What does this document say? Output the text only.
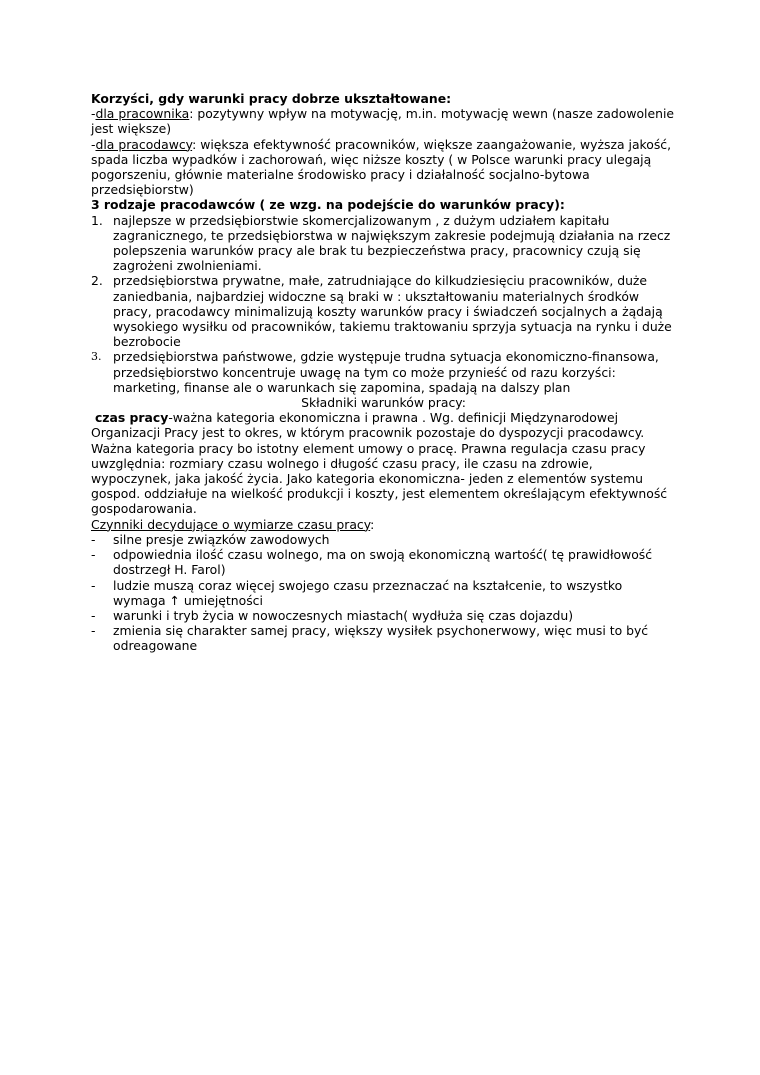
Korzyści, gdy warunki pracy dobrze ukształtowane:

-dla pracownika: pozytywny wpływ na motywację, m.in. motywację wewn (nasze zadowolenie jest większe)

-dla pracodawcy: większa efektywność pracowników, większe zaangażowanie, wyższa jakość, spada liczba wypadków i zachorowań, więc niższe koszty ( w Polsce warunki pracy ulegają pogorszeniu, głównie materialne środowisko pracy i działalność socjalno-bytowa przedsiębiorstw)

3 rodzaje pracodawców ( ze wzg. na podejście do warunków pracy):

1. najlepsze w przedsiębiorstwie skomercjalizowanym , z dużym udziałem kapitału zagranicznego, te przedsiębiorstwa w największym zakresie podejmują działania na rzecz polepszenia warunków pracy ale brak tu bezpieczeństwa pracy, pracownicy czują się zagrożeni zwolnieniami.
2. przedsiębiorstwa prywatne, małe, zatrudniające do kilkudziesięciu pracowników, duże zaniedbania, najbardziej widoczne są braki w : ukształtowaniu materialnych środków pracy, pracodawcy minimalizują koszty warunków pracy i świadczeń socjalnych a żądają wysokiego wysiłku od pracowników, takiemu traktowaniu sprzyja sytuacja na rynku i duże bezrobocie
3. przedsiębiorstwa państwowe, gdzie występuje trudna sytuacja ekonomiczno-finansowa, przedsiębiorstwo koncentruje uwagę na tym co może przynieść od razu korzyści: marketing, finanse ale o warunkach się zapomina, spadają na dalszy plan

Składniki warunków pracy:

czas pracy-ważna kategoria ekonomiczna i prawna . Wg. definicji Międzynarodowej Organizacji Pracy jest to okres, w którym pracownik pozostaje do dyspozycji pracodawcy. Ważna kategoria pracy bo istotny element umowy o pracę. Prawna regulacja czasu pracy uwzględnia: rozmiary czasu wolnego i długość czasu pracy, ile czasu na zdrowie, wypoczynek, jaka jakość życia. Jako kategoria ekonomiczna- jeden z elementów systemu gospod. oddziałuje na wielkość produkcji i koszty, jest elementem określającym efektywność gospodarowania.

Czynniki decydujące o wymiarze czasu pracy:

- silne presje związków zawodowych
- odpowiednia ilość czasu wolnego, ma on swoją ekonomiczną wartość( tę prawidłowość dostrzegł H. Farol)
- ludzie muszą coraz więcej swojego czasu przeznaczać na kształcenie, to wszystko wymaga ↑ umiejętności
- warunki i tryb życia w nowoczesnych miastach( wydłuża się czas dojazdu)
- zmienia się charakter samej pracy, większy wysiłek psychonerwowy, więc musi to być odreagowane
